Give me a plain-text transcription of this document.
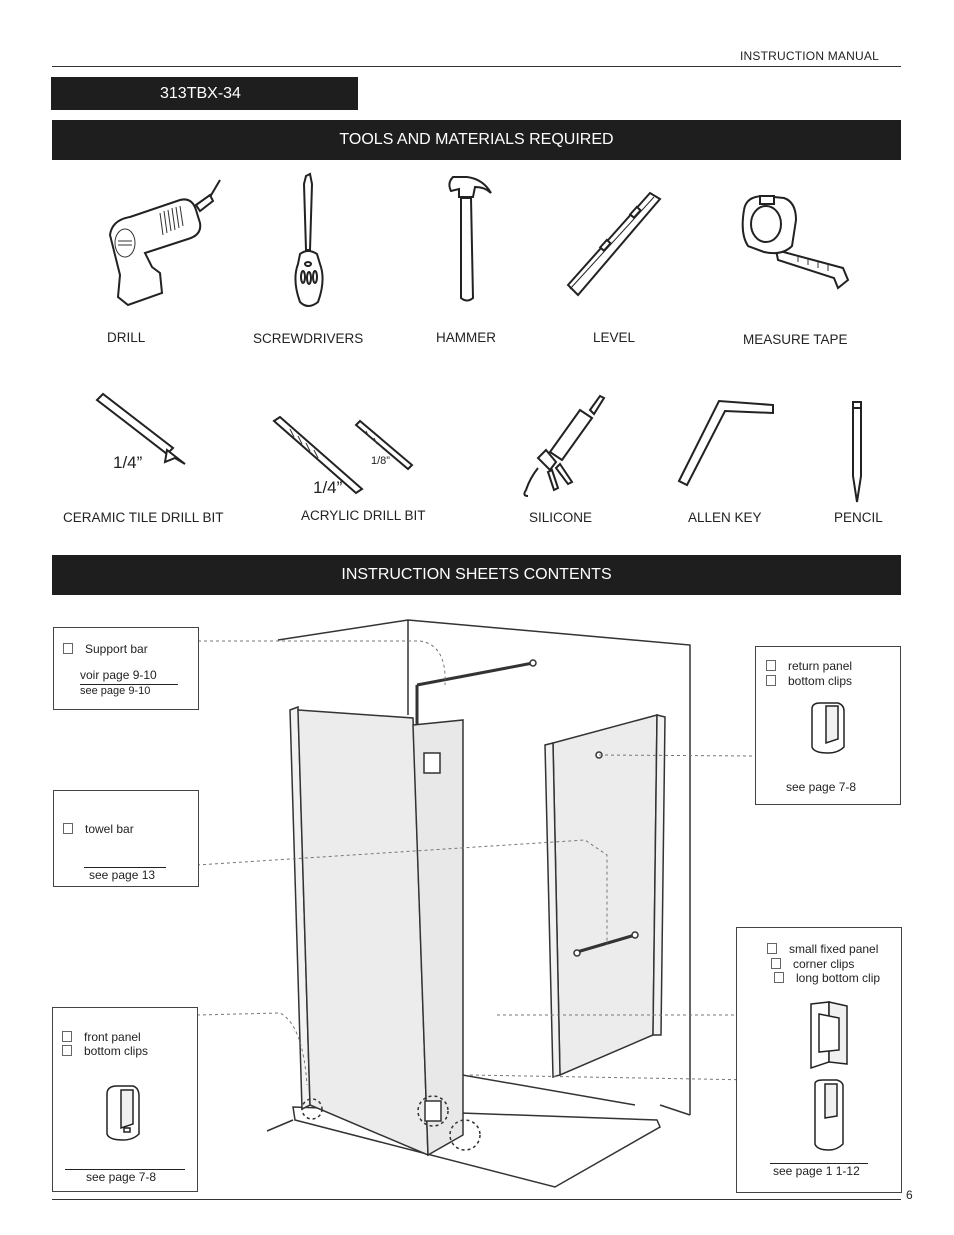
INSTRUCTION MANUAL
313TBX-34
TOOLS AND MATERIALS REQUIRED
DRILL	SCREWDRIVERS	HAMMER	LEVEL	MEASURE TAPE
1/4”
1/4”
1/8”
CERAMIC TILE DRILL BIT	ACRYLIC DRILL BIT	SILICONE	ALLEN KEY	PENCIL
INSTRUCTION SHEETS CONTENTS
Support bar
voir page 9-10
see page 9-10
towel bar
see page 13
front panel
bottom clips
see page 7-8
return panel
bottom clips
see page 7-8
small fixed panel
corner clips
long bottom clip
see page 1 1-12
6
